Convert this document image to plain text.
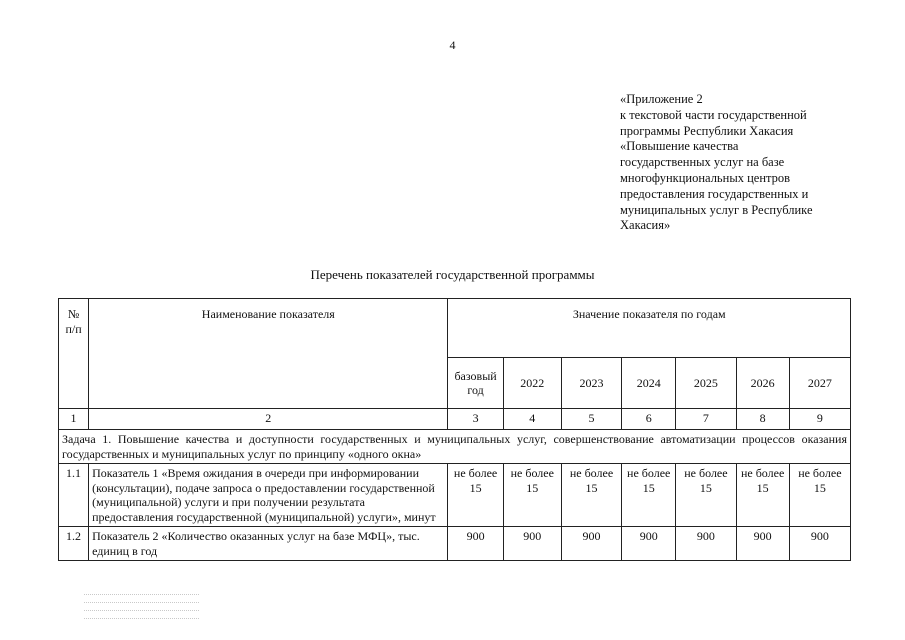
4
«Приложение 2
к текстовой части государственной
программы Республики Хакасия
«Повышение качества
государственных услуг на базе
многофункциональных центров
предоставления государственных и
муниципальных услуг в Республике
Хакасия»
Перечень показателей государственной программы
№ п/п	Наименование показателя	Значение показателя по годам						
		базовый год	2022	2023	2024	2025	2026	2027
1	2	3	4	5	6	7	8	9
Задача 1. Повышение качества и доступности государственных и муниципальных услуг, совершенствование автоматизации процессов оказания государственных и муниципальных услуг по принципу «одного окна»								
1.1	Показатель 1 «Время ожидания в очереди при информировании (консультации), подаче запроса о предоставлении государственной (муниципальной) услуги и при получении результата предоставления государственной (муниципальной) услуги», минут	не более 15	не более 15	не более 15	не более 15	не более 15	не более 15	не более 15
1.2	Показатель 2 «Количество оказанных услуг на базе МФЦ», тыс. единиц в год	900	900	900	900	900	900	900
